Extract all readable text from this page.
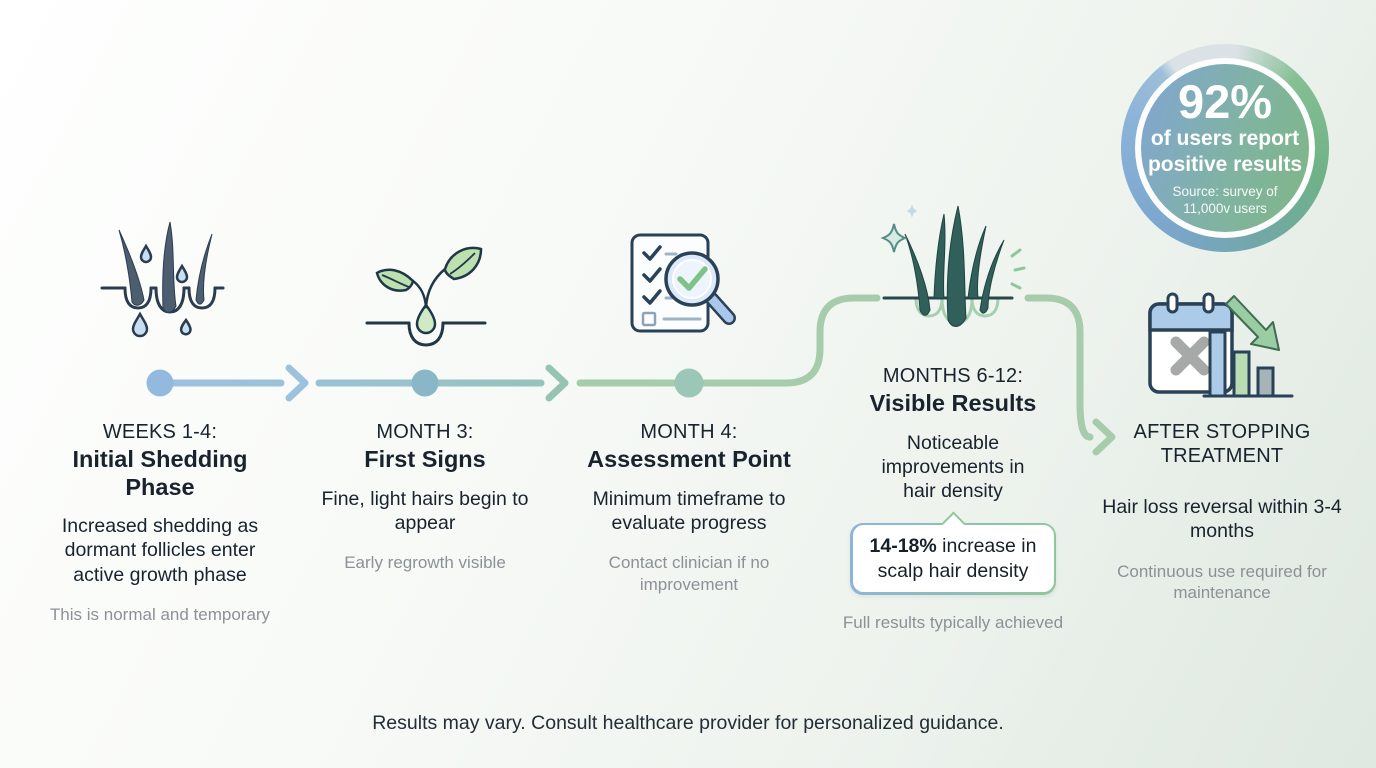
WEEKS 1-4:
Initial Shedding Phase
Increased shedding as dormant follicles enter active growth phase
This is normal and temporary
MONTH 3:
First Signs
Fine, light hairs begin to appear
Early regrowth visible
MONTH 4:
Assessment Point
Minimum timeframe to evaluate progress
Contact clinician if no improvement
MONTHS 6-12:
Visible Results
Noticeable improvements in hair density
14-18% increase in scalp hair density
Full results typically achieved
AFTER STOPPING TREATMENT
Hair loss reversal within 3-4 months
Continuous use required for maintenance
92%
of users report
positive results
Source: survey of
11,000v users
Results may vary. Consult healthcare provider for personalized guidance.
